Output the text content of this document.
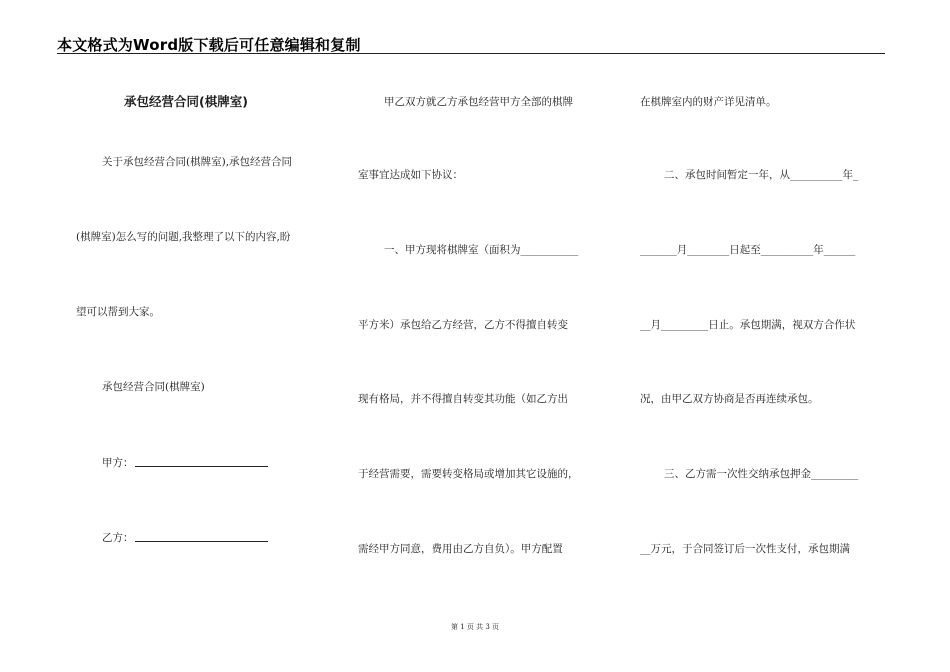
本文格式为Word版下载后可任意编辑和复制
承包经营合同(棋牌室)
关于承包经营合同(棋牌室),承包经营合同
(棋牌室)怎么写的问题,我整理了以下的内容,盼
望可以帮到大家。
承包经营合同(棋牌室)
甲方：
乙方：
甲乙双方就乙方承包经营甲方全部的棋牌
室事宜达成如下协议：
一、甲方现将棋牌室（面积为___________
平方米）承包给乙方经营，乙方不得擅自转变
现有格局，并不得擅自转变其功能（如乙方出
于经营需要，需要转变格局或增加其它设施的，
需经甲方同意，费用由乙方自负）。甲方配置
在棋牌室内的财产详见清单。
二、承包时间暂定一年，从__________年_
_______月________日起至__________年______
__月_________日止。承包期满，视双方合作状
况，由甲乙双方协商是否再连续承包。
三、乙方需一次性交纳承包押金_________
__万元，于合同签订后一次性支付，承包期满
第 1 页 共 3 页
